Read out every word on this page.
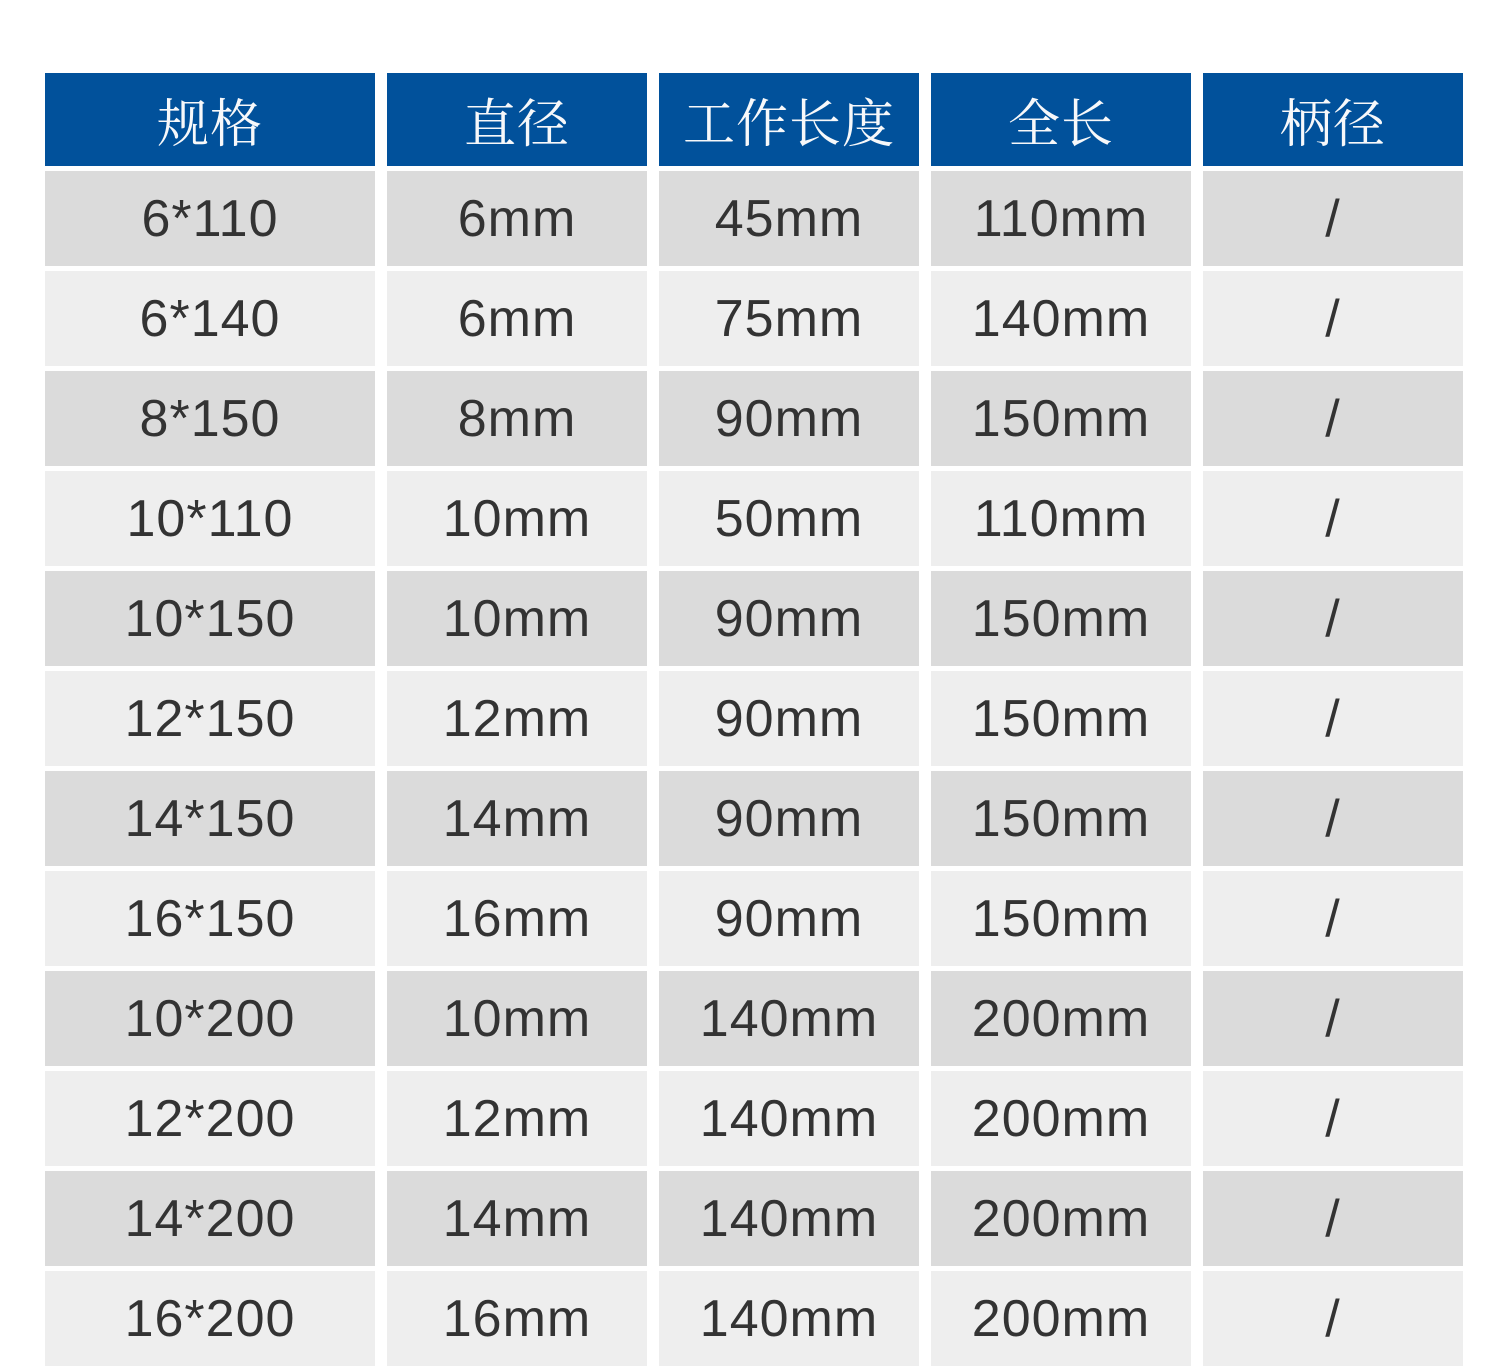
规格	直径	工作长度	全长	柄径
6*110	6mm	45mm	110mm	/
6*140	6mm	75mm	140mm	/
8*150	8mm	90mm	150mm	/
10*110	10mm	50mm	110mm	/
10*150	10mm	90mm	150mm	/
12*150	12mm	90mm	150mm	/
14*150	14mm	90mm	150mm	/
16*150	16mm	90mm	150mm	/
10*200	10mm	140mm	200mm	/
12*200	12mm	140mm	200mm	/
14*200	14mm	140mm	200mm	/
16*200	16mm	140mm	200mm	/
